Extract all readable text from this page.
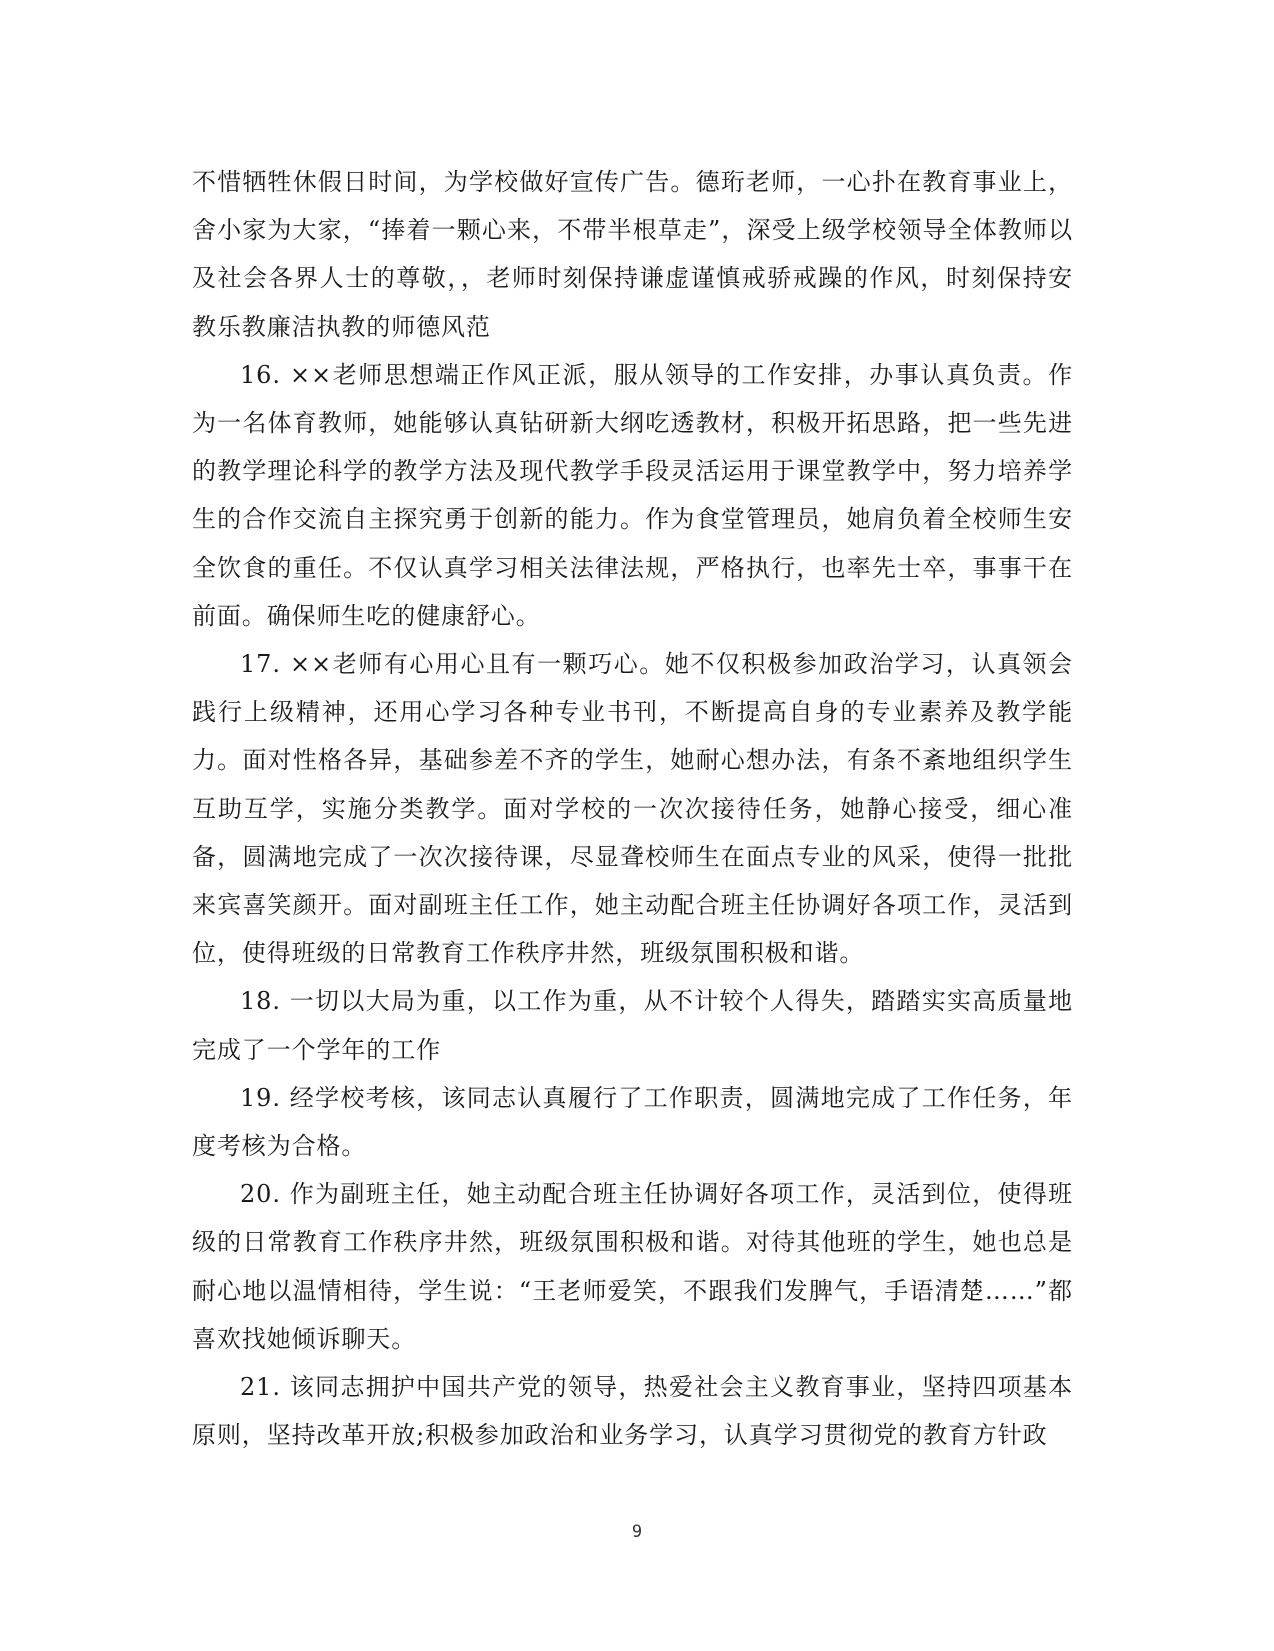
不惜牺牲休假日时间，为学校做好宣传广告。德珩老师，一心扑在教育事业上，舍小家为大家，“捧着一颗心来，不带半根草走”，深受上级学校领导全体教师以及社会各界人士的尊敬，，老师时刻保持谦虚谨慎戒骄戒躁的作风，时刻保持安教乐教廉洁执教的师德风范

16. ××老师思想端正作风正派，服从领导的工作安排，办事认真负责。作为一名体育教师，她能够认真钻研新大纲吃透教材，积极开拓思路，把一些先进的教学理论科学的教学方法及现代教学手段灵活运用于课堂教学中，努力培养学生的合作交流自主探究勇于创新的能力。作为食堂管理员，她肩负着全校师生安全饮食的重任。不仅认真学习相关法律法规，严格执行，也率先士卒，事事干在前面。确保师生吃的健康舒心。

17. ××老师有心用心且有一颗巧心。她不仅积极参加政治学习，认真领会践行上级精神，还用心学习各种专业书刊，不断提高自身的专业素养及教学能力。面对性格各异，基础参差不齐的学生，她耐心想办法，有条不紊地组织学生互助互学，实施分类教学。面对学校的一次次接待任务，她静心接受，细心准备，圆满地完成了一次次接待课，尽显聋校师生在面点专业的风采，使得一批批来宾喜笑颜开。面对副班主任工作，她主动配合班主任协调好各项工作，灵活到位，使得班级的日常教育工作秩序井然，班级氛围积极和谐。

18. 一切以大局为重，以工作为重，从不计较个人得失，踏踏实实高质量地完成了一个学年的工作

19. 经学校考核，该同志认真履行了工作职责，圆满地完成了工作任务，年度考核为合格。

20. 作为副班主任，她主动配合班主任协调好各项工作，灵活到位，使得班级的日常教育工作秩序井然，班级氛围积极和谐。对待其他班的学生，她也总是耐心地以温情相待，学生说：“王老师爱笑，不跟我们发脾气，手语清楚……”都喜欢找她倾诉聊天。

21. 该同志拥护中国共产党的领导，热爱社会主义教育事业，坚持四项基本原则，坚持改革开放;积极参加政治和业务学习，认真学习贯彻党的教育方针政

9
